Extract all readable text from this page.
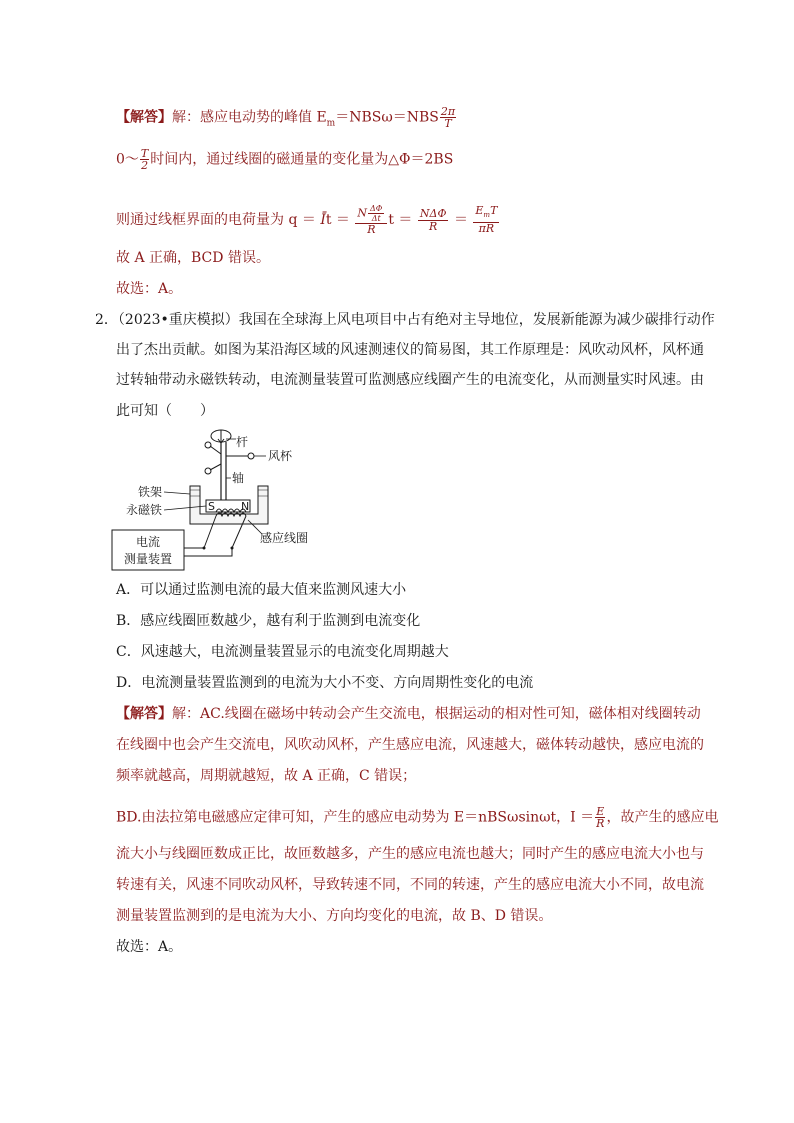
【解答】解：感应电动势的峰值 $E_m=NBS\omega=NBS \frac{2\pi}{T}$
0～ $\frac{T}{2}$ 时间内，通过线圈的磁通量的变化量为△Φ＝2BS
则通过线框界面的电荷量为 q ＝ Īt ＝ $\frac{N \frac{\Delta\Phi}{\Delta t}}{R}$ $t = \frac{\text{NΔΦ}}{R} = \frac{E_mT}{\pi R}$
故 A 正确，BCD 错误。
故选：A。
2．（2023•重庆模拟）我国在全球海上风电项目中占有绝对主导地位，发展新能源为减少碳排行动作
出了杰出贡献。如图为某沿海区域的风速测速仪的简易图，其工作原理是：风吹动风杯，风杯通
过转轴带动永磁铁转动，电流测量装置可监测感应线圈产生的电流变化，从而测量实时风速。由
此可知（　　）
杆
风杯
轴
S N
铁架
永磁铁
电流
测量装置
感应线圈
A．可以通过监测电流的最大值来监测风速大小
B．感应线圈匝数越少，越有利于监测到电流变化
C．风速越大，电流测量装置显示的电流变化周期越大
D．电流测量装置监测到的电流为大小不变、方向周期性变化的电流
【解答】解：AC.线圈在磁场中转动会产生交流电，根据运动的相对性可知，磁体相对线圈转动
在线圈中也会产生交流电，风吹动风杯，产生感应电流，风速越大，磁体转动越快，感应电流的
频率就越高，周期就越短，故 A 正确，C 错误；
BD.由法拉第电磁感应定律可知，产生的感应电动势为 E＝nBSωsinωt，$I = \frac{E}{R}$ ，故产生的感应电
流大小与线圈匝数成正比，故匝数越多，产生的感应电流也越大；同时产生的感应电流大小也与
转速有关，风速不同吹动风杯，导致转速不同，不同的转速，产生的感应电流大小不同，故电流
测量装置监测到的是电流为大小、方向均变化的电流，故 B、D 错误。
故选：A。
